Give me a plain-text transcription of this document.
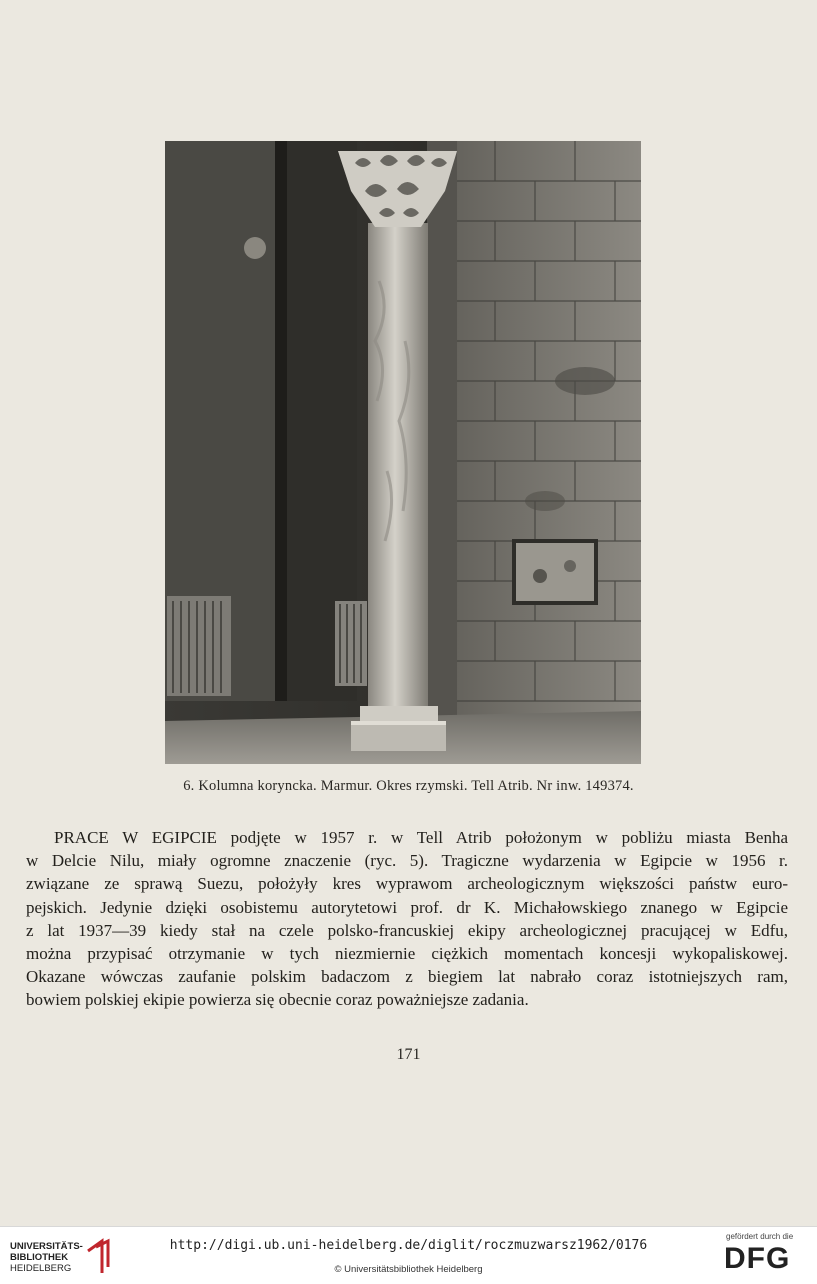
6. Kolumna koryncka. Marmur. Okres rzymski. Tell Atrib. Nr inw. 149374.
PRACE W EGIPCIE podjęte w 1957 r. w Tell Atrib położonym w pobliżu miasta Benha
w Delcie Nilu, miały ogromne znaczenie (ryc. 5). Tragiczne wydarzenia w Egipcie w 1956 r.
związane ze sprawą Suezu, położyły kres wyprawom archeologicznym większości państw euro-
pejskich. Jedynie dzięki osobistemu autorytetowi prof. dr K. Michałowskiego znanego w Egipcie
z lat 1937—39 kiedy stał na czele polsko-francuskiej ekipy archeologicznej pracującej w Edfu,
można przypisać otrzymanie w tych niezmiernie ciężkich momentach koncesji wykopaliskowej.
Okazane wówczas zaufanie polskim badaczom z biegiem lat nabrało coraz istotniejszych ram,
bowiem polskiej ekipie powierza się obecnie coraz poważniejsze zadania.
171
UNIVERSITÄTS-
BIBLIOTHEK
HEIDELBERG
http://digi.ub.uni-heidelberg.de/diglit/roczmuzwarsz1962/0176
© Universitätsbibliothek Heidelberg
gefördert durch die
DFG
